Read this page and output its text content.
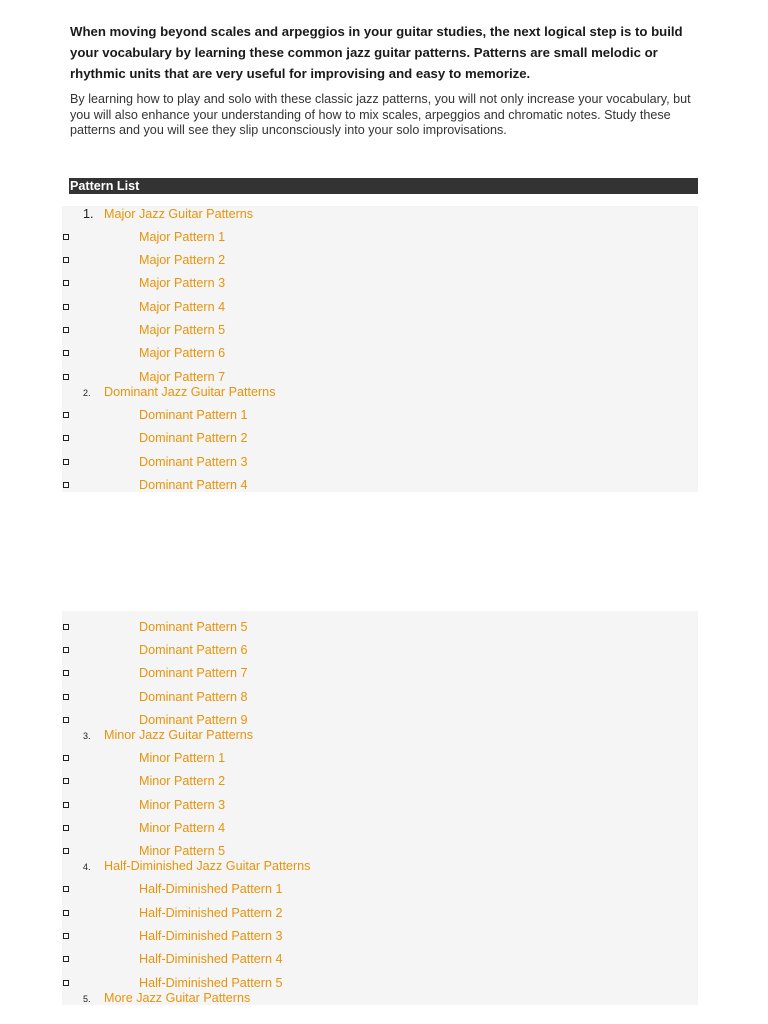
When moving beyond scales and arpeggios in your guitar studies, the next logical step is to build your vocabulary by learning these common jazz guitar patterns. Patterns are small melodic or rhythmic units that are very useful for improvising and easy to memorize.

By learning how to play and solo with these classic jazz patterns, you will not only increase your vocabulary, but you will also enhance your understanding of how to mix scales, arpeggios and chromatic notes. Study these patterns and you will see they slip unconsciously into your solo improvisations.

Pattern List
1. Major Jazz Guitar Patterns
Major Pattern 1
Major Pattern 2
Major Pattern 3
Major Pattern 4
Major Pattern 5
Major Pattern 6
Major Pattern 7
2.	Dominant Jazz Guitar Patterns
Dominant Pattern 1
Dominant Pattern 2
Dominant Pattern 3
Dominant Pattern 4
Dominant Pattern 5
Dominant Pattern 6
Dominant Pattern 7
Dominant Pattern 8
Dominant Pattern 9
3.	Minor Jazz Guitar Patterns
Minor Pattern 1
Minor Pattern 2
Minor Pattern 3
Minor Pattern 4
Minor Pattern 5
4.	Half-Diminished Jazz Guitar Patterns
Half-Diminished Pattern 1
Half-Diminished Pattern 2
Half-Diminished Pattern 3
Half-Diminished Pattern 4
Half-Diminished Pattern 5
5.	More Jazz Guitar Patterns
